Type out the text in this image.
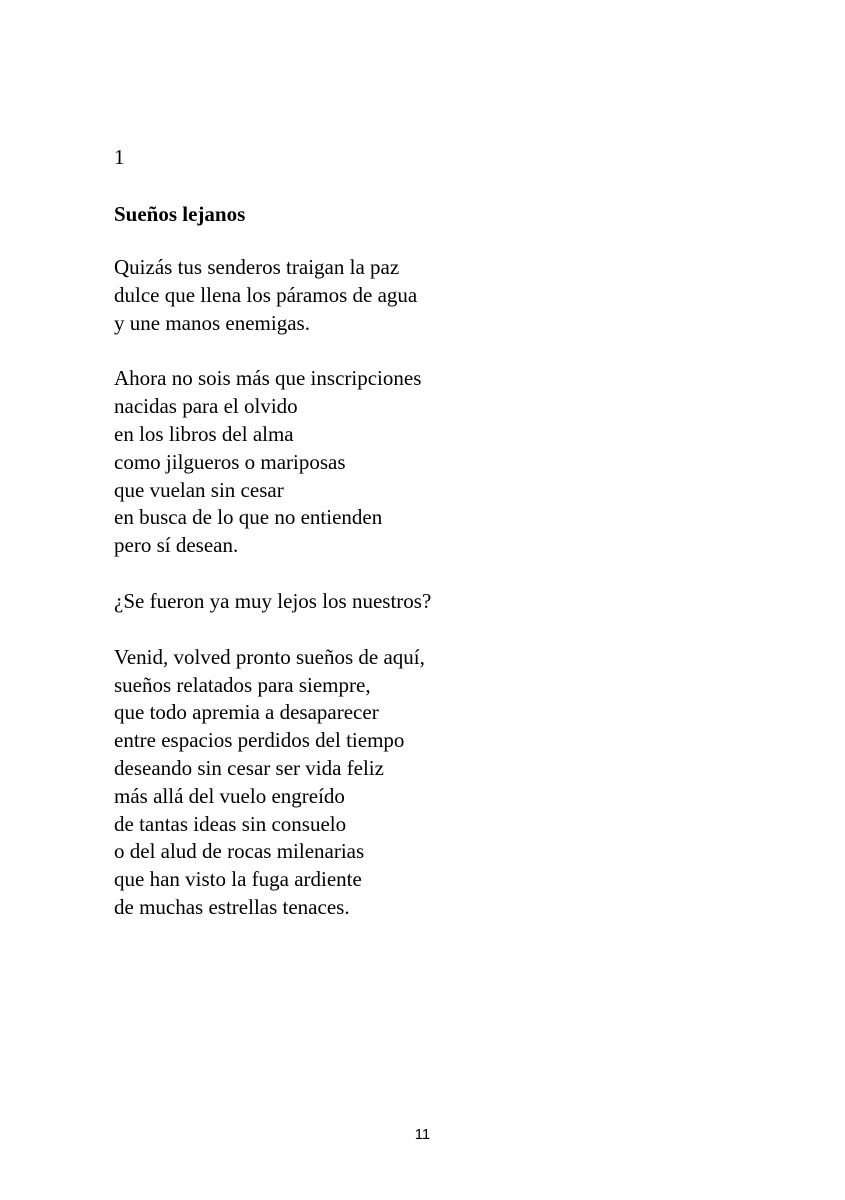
1

Sueños lejanos
Quizás tus senderos traigan la paz
dulce que llena los páramos de agua
y une manos enemigas.
Ahora no sois más que inscripciones
nacidas para el olvido
en los libros del alma
como jilgueros o mariposas
que vuelan sin cesar
en busca de lo que no entienden
pero sí desean.
¿Se fueron ya muy lejos los nuestros?
Venid, volved pronto sueños de aquí,
sueños relatados para siempre,
que todo apremia a desaparecer
entre espacios perdidos del tiempo
deseando sin cesar ser vida feliz
más allá del vuelo engreído
de tantas ideas sin consuelo
o del alud de rocas milenarias
que han visto la fuga ardiente
de muchas estrellas tenaces.

11
